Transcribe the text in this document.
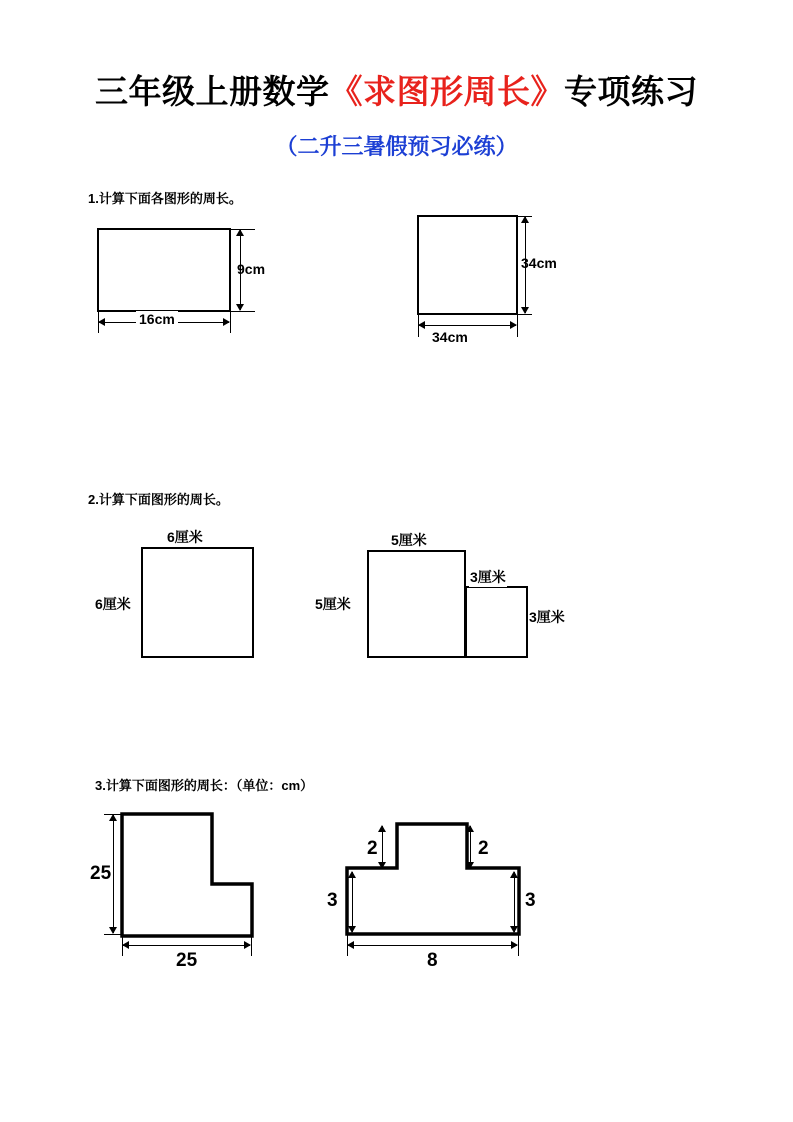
三年级上册数学《求图形周长》专项练习
（二升三暑假预习必练）
1.计算下面各图形的周长。
9cm
16cm
34cm
34cm
2.计算下面图形的周长。
6厘米
6厘米
5厘米
5厘米
3厘米
3厘米
3.计算下面图形的周长：（单位：cm）
25
25
2	2
3	3
8
